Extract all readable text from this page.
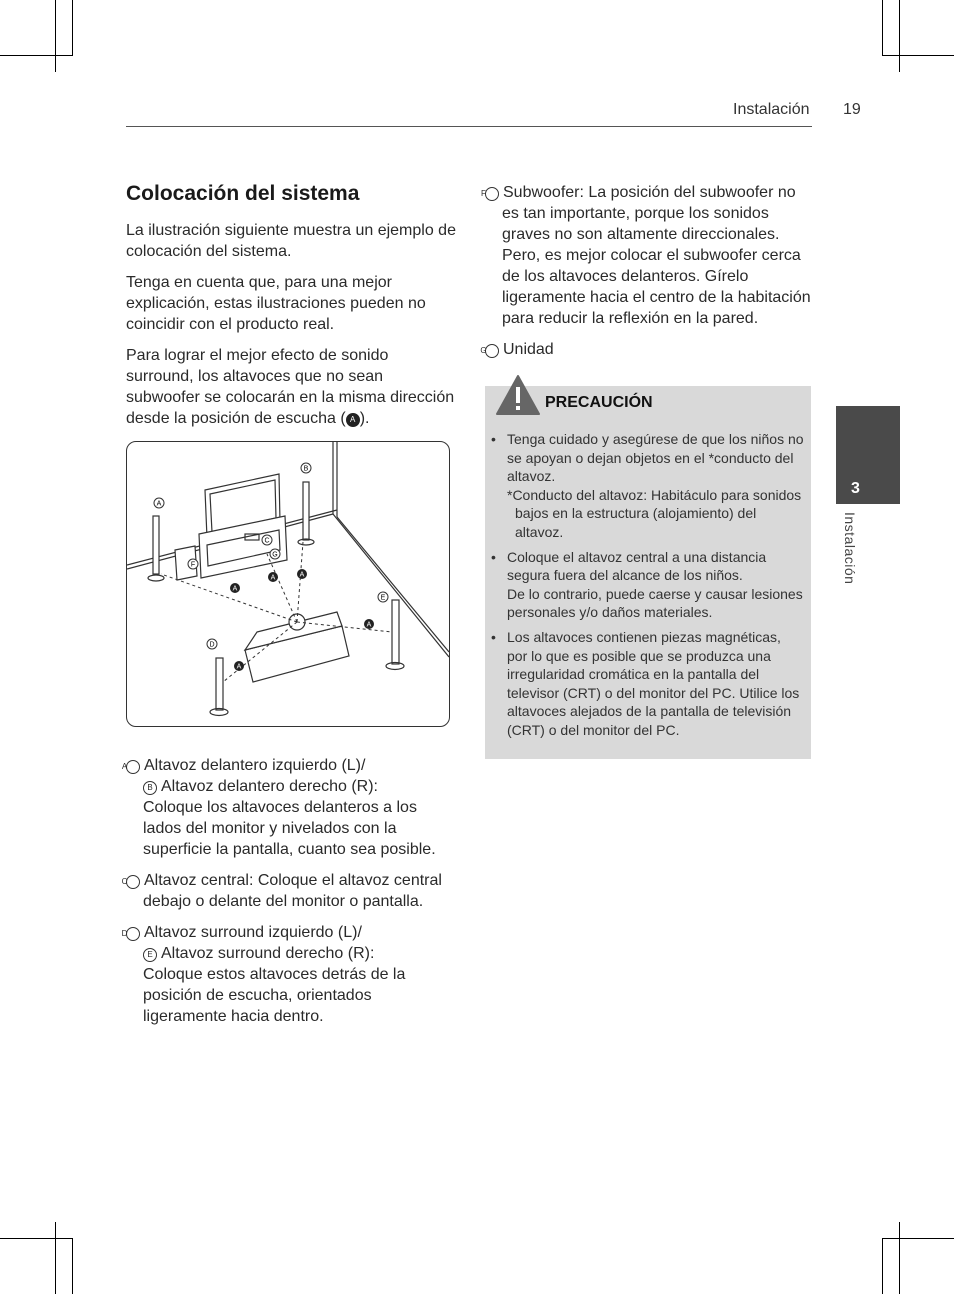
Instalación 19
3
Instalación
Colocación del sistema

La ilustración siguiente muestra un ejemplo de colocación del sistema.

Tenga en cuenta que, para una mejor explicación, estas ilustraciones pueden no coincidir con el producto real.

Para lograr el mejor efecto de sonido surround, los altavoces que no sean subwoofer se colocarán en la misma dirección desde la posición de escucha ( A ).

A
B
C
G
F
D
E
A
A	A
A
A
A Altavoz delantero izquierdo (L)/
B Altavoz delantero derecho (R):
Coloque los altavoces delanteros a los lados del monitor y nivelados con la superficie la pantalla, cuanto sea posible.
C Altavoz central: Coloque el altavoz central debajo o delante del monitor o pantalla.
D Altavoz surround izquierdo (L)/
E Altavoz surround derecho (R):
Coloque estos altavoces detrás de la posición de escucha, orientados ligeramente hacia dentro.
F Subwoofer: La posición del subwoofer no es tan importante, porque los sonidos graves no son altamente direccionales. Pero, es mejor colocar el subwoofer cerca de los altavoces delanteros. Gírelo ligeramente hacia el centro de la habitación para reducir la reflexión en la pared.
G Unidad
PRECAUCIÓN
• Tenga cuidado y asegúrese de que los niños no se apoyan o dejan objetos en el *conducto del altavoz.
*Conducto del altavoz: Habitáculo para sonidos bajos en la estructura (alojamiento) del altavoz.
• Coloque el altavoz central a una distancia segura fuera del alcance de los niños.
De lo contrario, puede caerse y causar lesiones personales y/o daños materiales.
• Los altavoces contienen piezas magnéticas, por lo que es posible que se produzca una irregularidad cromática en la pantalla del televisor (CRT) o del monitor del PC. Utilice los altavoces alejados de la pantalla de televisión (CRT) o del monitor del PC.
